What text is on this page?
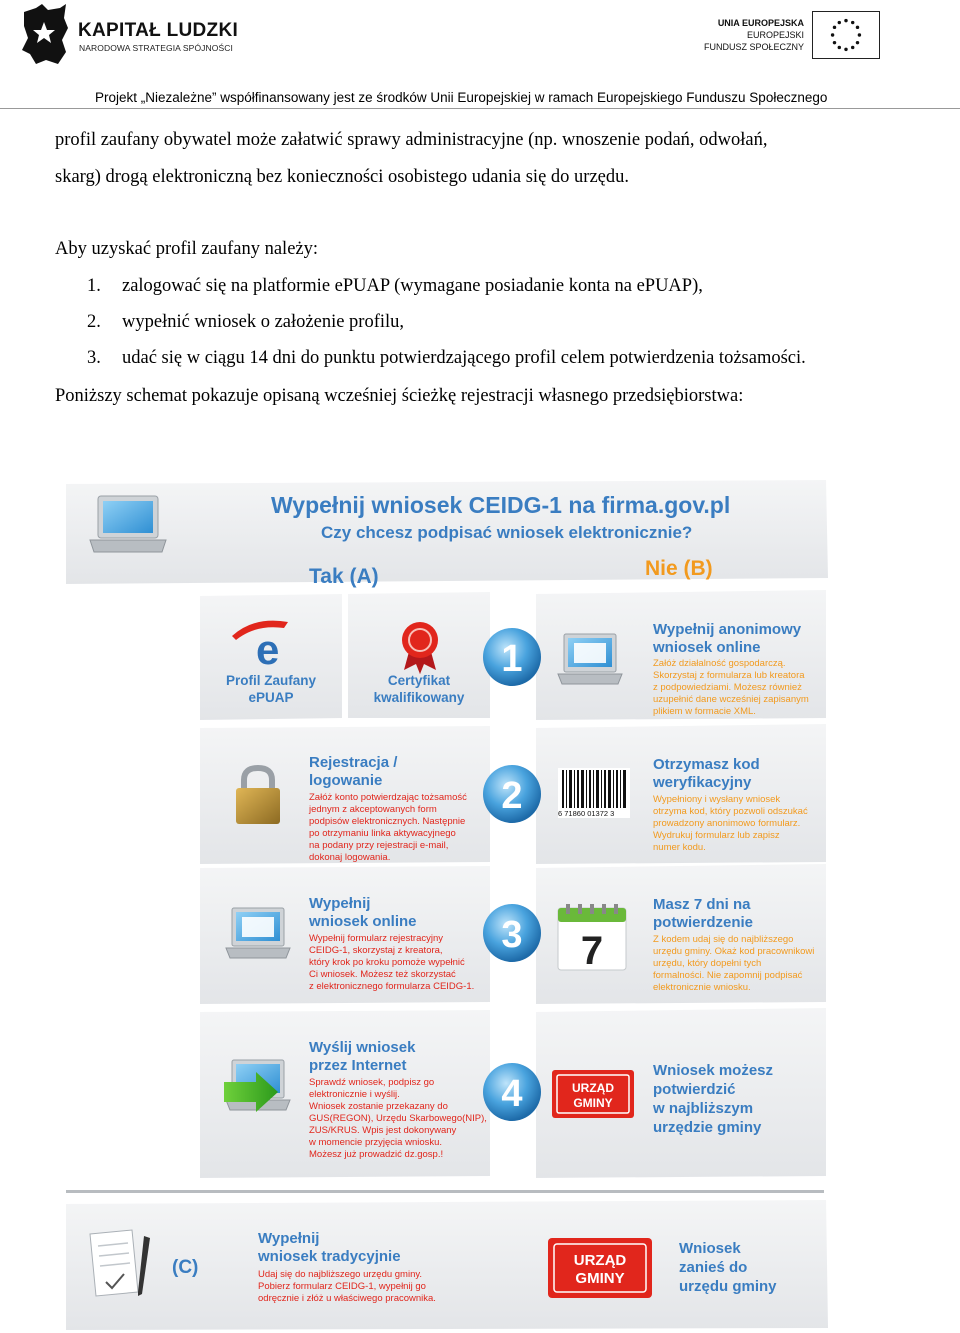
KAPITAŁ LUDZKI
NARODOWA STRATEGIA SPÓJNOŚCI
UNIA EUROPEJSKA
EUROPEJSKI
FUNDUSZ SPOŁECZNY
Projekt „Niezależne” współfinansowany jest ze środków Unii Europejskiej w ramach Europejskiego Funduszu Społecznego
profil zaufany obywatel może załatwić sprawy administracyjne (np. wnoszenie podań, odwołań,
skarg) drogą elektroniczną bez konieczności osobistego udania się do urzędu.
Aby uzyskać profil zaufany należy:
1. zalogować się na platformie ePUAP (wymagane posiadanie konta na ePUAP),
2. wypełnić wniosek o założenie profilu,
3. udać się w ciągu 14 dni do punktu potwierdzającego profil celem potwierdzenia tożsamości.
Poniższy schemat pokazuje opisaną wcześniej ścieżkę rejestracji własnego przedsiębiorstwa:
Wypełnij wniosek CEIDG-1 na firma.gov.pl
Czy chcesz podpisać wniosek elektronicznie?
Tak (A)	Nie (B)
e
Profil Zaufany
ePUAP
Certyfikat
kwalifikowany
1
Wypełnij anonimowy
wniosek online
Załóż działalność gospodarczą.
Skorzystaj z formularza lub kreatora
z podpowiedziami. Możesz również
uzupełnić dane wcześniej zapisanym
plikiem w formacie XML.
Rejestracja /
logowanie
Załóż konto potwierdzając tożsamość
jednym z akceptowanych form
podpisów elektronicznych. Następnie
po otrzymaniu linka aktywacyjnego
na podany przy rejestracji e-mail,
dokonaj logowania.
2	6 71860 01372 3
Otrzymasz kod
weryfikacyjny
Wypełniony i wysłany wniosek
otrzyma kod, który pozwoli odszukać
prowadzony anonimowo formularz.
Wydrukuj formularz lub zapisz
numer kodu.
Wypełnij
wniosek online
Wypełnij formularz rejestracyjny
CEIDG-1, skorzystaj z kreatora,
który krok po kroku pomoże wypełnić
Ci wniosek. Możesz też skorzystać
z elektronicznego formularza CEIDG-1.
3 7
Masz 7 dni na
potwierdzenie
Z kodem udaj się do najbliższego
urzędu gminy. Okaż kod pracownikowi
urzędu, który dopełni tych
formalności. Nie zapomnij podpisać
elektronicznie wniosku.
Wyślij wniosek
przez Internet
Sprawdź wniosek, podpisz go
elektronicznie i wyślij.
Wniosek zostanie przekazany do
GUS(REGON), Urzędu Skarbowego(NIP),
ZUS/KRUS. Wpis jest dokonywany
w momencie przyjęcia wniosku.
Możesz już prowadzić dz.gosp.!
4	URZĄD
GMINY
Wniosek możesz
potwierdzić
w najbliższym
urzędzie gminy
(C)
Wypełnij
wniosek tradycyjnie
Udaj się do najbliższego urzędu gminy.
Pobierz formularz CEIDG-1, wypełnij go
odręcznie i złóż u właściwego pracownika.
URZĄD
GMINY
Wniosek
zanieś do
urzędu gminy
